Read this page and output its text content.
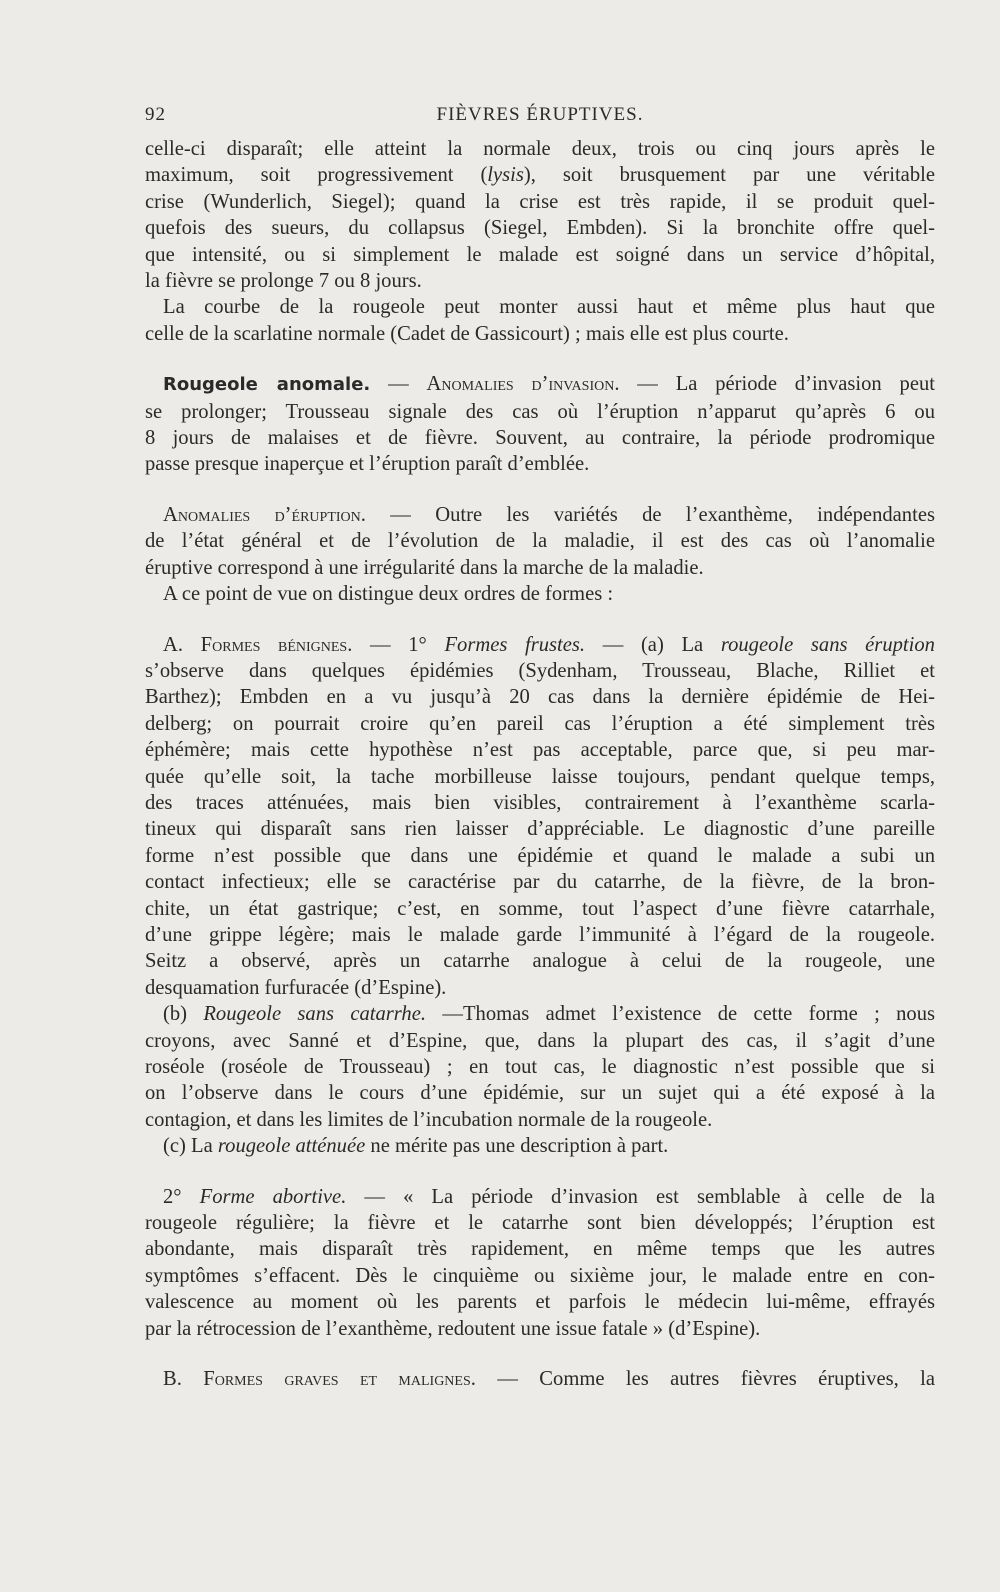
92	FIÈVRES ÉRUPTIVES.
celle-ci disparaît; elle atteint la normale deux, trois ou cinq jours après le
maximum, soit progressivement (lysis), soit brusquement par une véritable
crise (Wunderlich, Siegel); quand la crise est très rapide, il se produit quel-
quefois des sueurs, du collapsus (Siegel, Embden). Si la bronchite offre quel-
que intensité, ou si simplement le malade est soigné dans un service d’hôpital,
la fièvre se prolonge 7 ou 8 jours.
La courbe de la rougeole peut monter aussi haut et même plus haut que
celle de la scarlatine normale (Cadet de Gassicourt) ; mais elle est plus courte.
Rougeole anomale. — Anomalies d’invasion. — La période d’invasion peut
se prolonger; Trousseau signale des cas où l’éruption n’apparut qu’après 6 ou
8 jours de malaises et de fièvre. Souvent, au contraire, la période prodromique
passe presque inaperçue et l’éruption paraît d’emblée.
Anomalies d’éruption. — Outre les variétés de l’exanthème, indépendantes
de l’état général et de l’évolution de la maladie, il est des cas où l’anomalie
éruptive correspond à une irrégularité dans la marche de la maladie.
A ce point de vue on distingue deux ordres de formes :
A. Formes bénignes. — 1° Formes frustes. — (a) La rougeole sans éruption
s’observe dans quelques épidémies (Sydenham, Trousseau, Blache, Rilliet et
Barthez); Embden en a vu jusqu’à 20 cas dans la dernière épidémie de Hei-
delberg; on pourrait croire qu’en pareil cas l’éruption a été simplement très
éphémère; mais cette hypothèse n’est pas acceptable, parce que, si peu mar-
quée qu’elle soit, la tache morbilleuse laisse toujours, pendant quelque temps,
des traces atténuées, mais bien visibles, contrairement à l’exanthème scarla-
tineux qui disparaît sans rien laisser d’appréciable. Le diagnostic d’une pareille
forme n’est possible que dans une épidémie et quand le malade a subi un
contact infectieux; elle se caractérise par du catarrhe, de la fièvre, de la bron-
chite, un état gastrique; c’est, en somme, tout l’aspect d’une fièvre catarrhale,
d’une grippe légère; mais le malade garde l’immunité à l’égard de la rougeole.
Seitz a observé, après un catarrhe analogue à celui de la rougeole, une
desquamation furfuracée (d’Espine).
(b) Rougeole sans catarrhe. —Thomas admet l’existence de cette forme ; nous
croyons, avec Sanné et d’Espine, que, dans la plupart des cas, il s’agit d’une
roséole (roséole de Trousseau) ; en tout cas, le diagnostic n’est possible que si
on l’observe dans le cours d’une épidémie, sur un sujet qui a été exposé à la
contagion, et dans les limites de l’incubation normale de la rougeole.
(c) La rougeole atténuée ne mérite pas une description à part.
2° Forme abortive. — « La période d’invasion est semblable à celle de la
rougeole régulière; la fièvre et le catarrhe sont bien développés; l’éruption est
abondante, mais disparaît très rapidement, en même temps que les autres
symptômes s’effacent. Dès le cinquième ou sixième jour, le malade entre en con-
valescence au moment où les parents et parfois le médecin lui-même, effrayés
par la rétrocession de l’exanthème, redoutent une issue fatale » (d’Espine).
B. Formes graves et malignes. — Comme les autres fièvres éruptives, la
